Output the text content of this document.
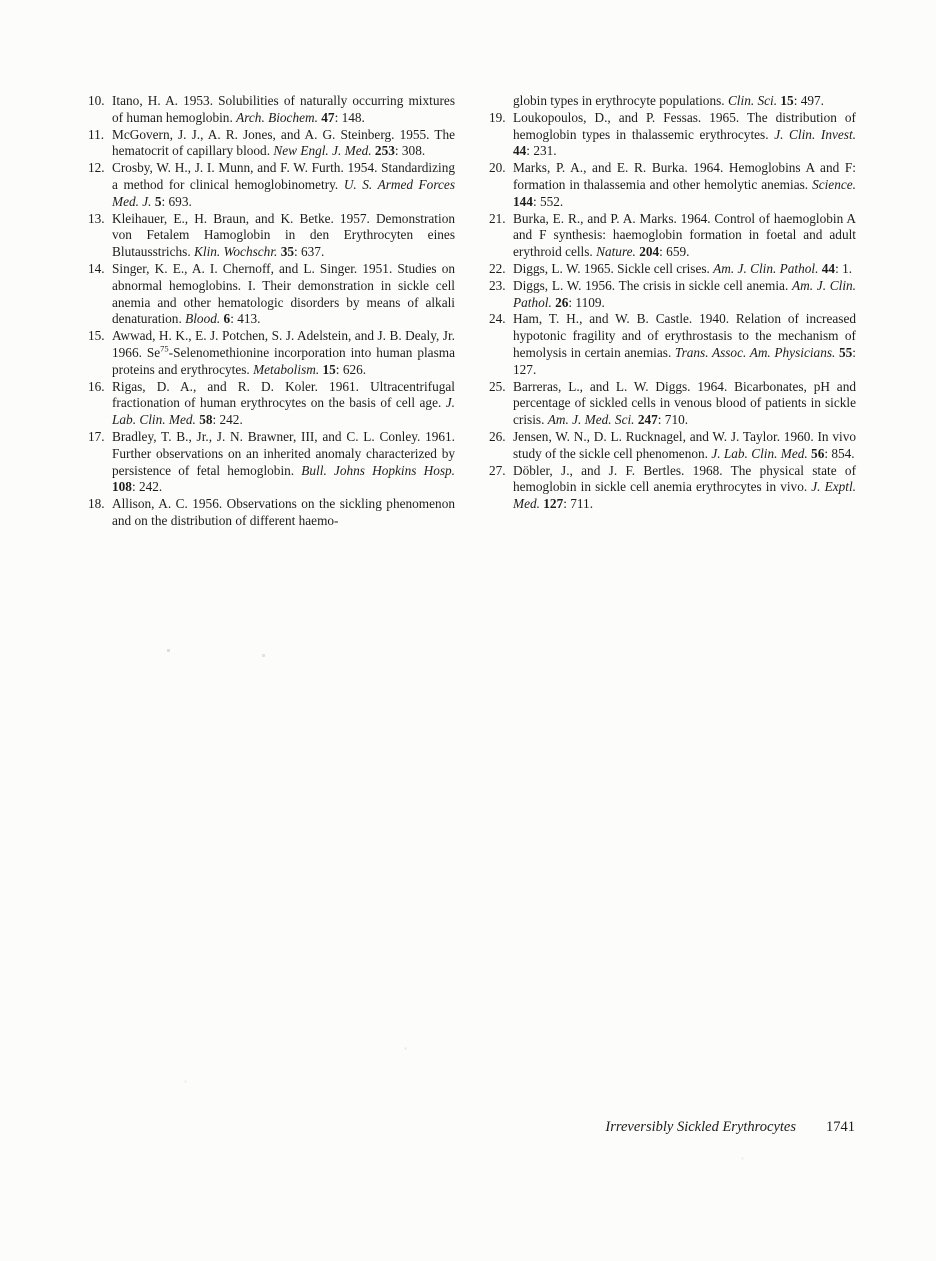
10. Itano, H. A. 1953. Solubilities of naturally occurring mixtures of human hemoglobin. Arch. Biochem. 47: 148.
11. McGovern, J. J., A. R. Jones, and A. G. Steinberg. 1955. The hematocrit of capillary blood. New Engl. J. Med. 253: 308.
12. Crosby, W. H., J. I. Munn, and F. W. Furth. 1954. Standardizing a method for clinical hemoglobinometry. U. S. Armed Forces Med. J. 5: 693.
13. Kleihauer, E., H. Braun, and K. Betke. 1957. Demonstration von Fetalem Hamoglobin in den Erythrocyten eines Blutausstrichs. Klin. Wochschr. 35: 637.
14. Singer, K. E., A. I. Chernoff, and L. Singer. 1951. Studies on abnormal hemoglobins. I. Their demonstration in sickle cell anemia and other hematologic disorders by means of alkali denaturation. Blood. 6: 413.
15. Awwad, H. K., E. J. Potchen, S. J. Adelstein, and J. B. Dealy, Jr. 1966. Se$^{75}$-Selenomethionine incorporation into human plasma proteins and erythrocytes. Metabolism. 15: 626.
16. Rigas, D. A., and R. D. Koler. 1961. Ultracentrifugal fractionation of human erythrocytes on the basis of cell age. J. Lab. Clin. Med. 58: 242.
17. Bradley, T. B., Jr., J. N. Brawner, III, and C. L. Conley. 1961. Further observations on an inherited anomaly characterized by persistence of fetal hemoglobin. Bull. Johns Hopkins Hosp. 108: 242.
18. Allison, A. C. 1956. Observations on the sickling phenomenon and on the distribution of different haemo-
globin types in erythrocyte populations. Clin. Sci. 15: 497.
19. Loukopoulos, D., and P. Fessas. 1965. The distribution of hemoglobin types in thalassemic erythrocytes. J. Clin. Invest. 44: 231.
20. Marks, P. A., and E. R. Burka. 1964. Hemoglobins A and F: formation in thalassemia and other hemolytic anemias. Science. 144: 552.
21. Burka, E. R., and P. A. Marks. 1964. Control of haemoglobin A and F synthesis: haemoglobin formation in foetal and adult erythroid cells. Nature. 204: 659.
22. Diggs, L. W. 1965. Sickle cell crises. Am. J. Clin. Pathol. 44: 1.
23. Diggs, L. W. 1956. The crisis in sickle cell anemia. Am. J. Clin. Pathol. 26: 1109.
24. Ham, T. H., and W. B. Castle. 1940. Relation of increased hypotonic fragility and of erythrostasis to the mechanism of hemolysis in certain anemias. Trans. Assoc. Am. Physicians. 55: 127.
25. Barreras, L., and L. W. Diggs. 1964. Bicarbonates, pH and percentage of sickled cells in venous blood of patients in sickle crisis. Am. J. Med. Sci. 247: 710.
26. Jensen, W. N., D. L. Rucknagel, and W. J. Taylor. 1960. In vivo study of the sickle cell phenomenon. J. Lab. Clin. Med. 56: 854.
27. Döbler, J., and J. F. Bertles. 1968. The physical state of hemoglobin in sickle cell anemia erythrocytes in vivo. J. Exptl. Med. 127: 711.
Irreversibly Sickled Erythrocytes 1741
